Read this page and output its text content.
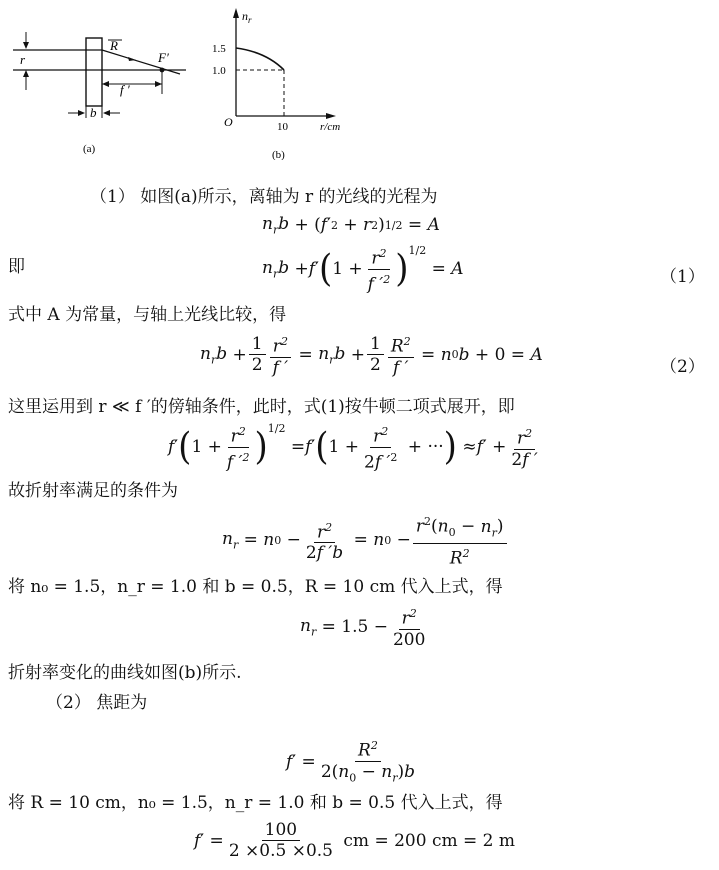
r
R
F′
f ′
b
(a)
$n_r$
1.5
1.0
O	10	r/cm
(b)
（1） 如图(a)所示，离轴为 r 的光线的光程为
$n_rb$ + ( f ′ 2 + r 2 ) 1/2 = A
即	$n_rb + f$ ′ ( $1 + \frac{r^2}{f '^2} )^{1/2}$
= A	（1）
式中 A 为常量，与轴上光线比较，得
$n_rb + \frac{1}{2} \frac{r^2}{f '} = n_rb + \frac{1}{2} \frac{R^2}{f '} = n$ 0 b + 0 = A
（2）
这里运用到 r ≪ f ′的傍轴条件，此时，式(1)按牛顿二项式展开，即
f ′ ( $1 + \frac{r^2}{f '^2} )^{1/2}$
= f ′ ( $1 + \frac{r^2}{2f '^2}$ + ··· ) ≈ f ′ + $\frac{r^2}{2f '}$
故折射率满足的条件为
$n_r = n$ $0 - \frac{r^2}{2f 'b} = n$ $0 - \frac{r^2(n_0 - n_r)}{R^2}$
将 n₀ = 1.5，n_r = 1.0 和 b = 0.5，R = 10 cm 代入上式，得
$n_r = 1.5 - \frac{r^2}{200}$
折射率变化的曲线如图(b)所示.
（2） 焦距为
f ′ = $\frac{R^2}{2(n_0 - n_r)b}$
将 R = 10 cm，n₀ = 1.5，n_r = 1.0 和 b = 0.5 代入上式，得
f ′ = $\frac{100}{2 \times 0.5 \times 0.5}$ cm = 200 cm = 2 m
